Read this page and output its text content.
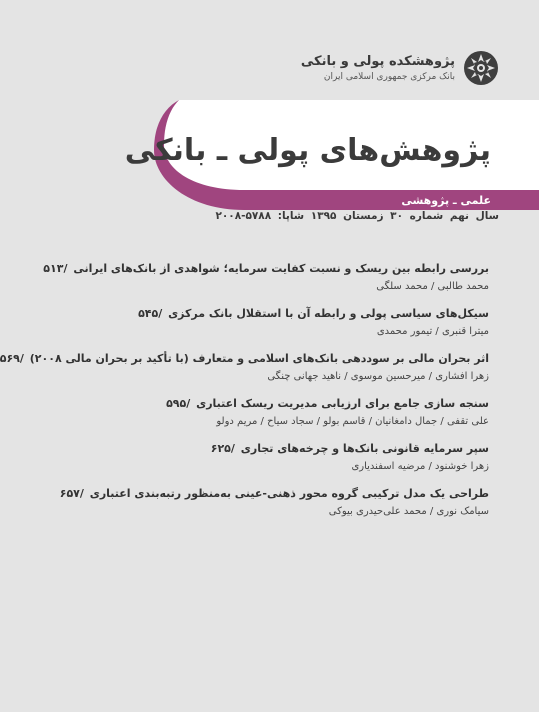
پژوهشکده پولی و بانکی
بانک مرکزی جمهوری اسلامی ایران
پژوهش‌های پولی ـ بانکی
علمی ـ پژوهشی
سال نهم شماره ۳۰ زمستان ۱۳۹۵ شاپا: ۵۷۸۸-۲۰۰۸
بررسی رابطه بین ریسک و نسبت کفایت سرمایه؛ شواهدی از بانک‌های ایرانی /۵۱۳
محمد طالبی / محمد سلگی
سیکل‌های سیاسی پولی و رابطه آن با استقلال بانک مرکزی /۵۴۵
میترا قنبری / تیمور محمدی
اثر بحران مالی بر سوددهی بانک‌های اسلامی و متعارف (با تأکید بر بحران مالی ۲۰۰۸) /۵۶۹
زهرا افشاری / میرحسین موسوی / ناهید جهانی چنگی
سنجه سازی جامع برای ارزیابی مدیریت ریسک اعتباری /۵۹۵
علی تقفی / جمال دامغانیان / قاسم بولو / سجاد سیاح / مریم دولو
سپر سرمایه قانونی بانک‌ها و چرخه‌های تجاری /۶۲۵
زهرا خوشنود / مرضیه اسفندیاری
طراحی یک مدل ترکیبی گروه محور ذهنی-عینی به‌منظور رتبه‌بندی اعتباری /۶۵۷
سیامک نوری / محمد علی‌حیدری بیوکی
